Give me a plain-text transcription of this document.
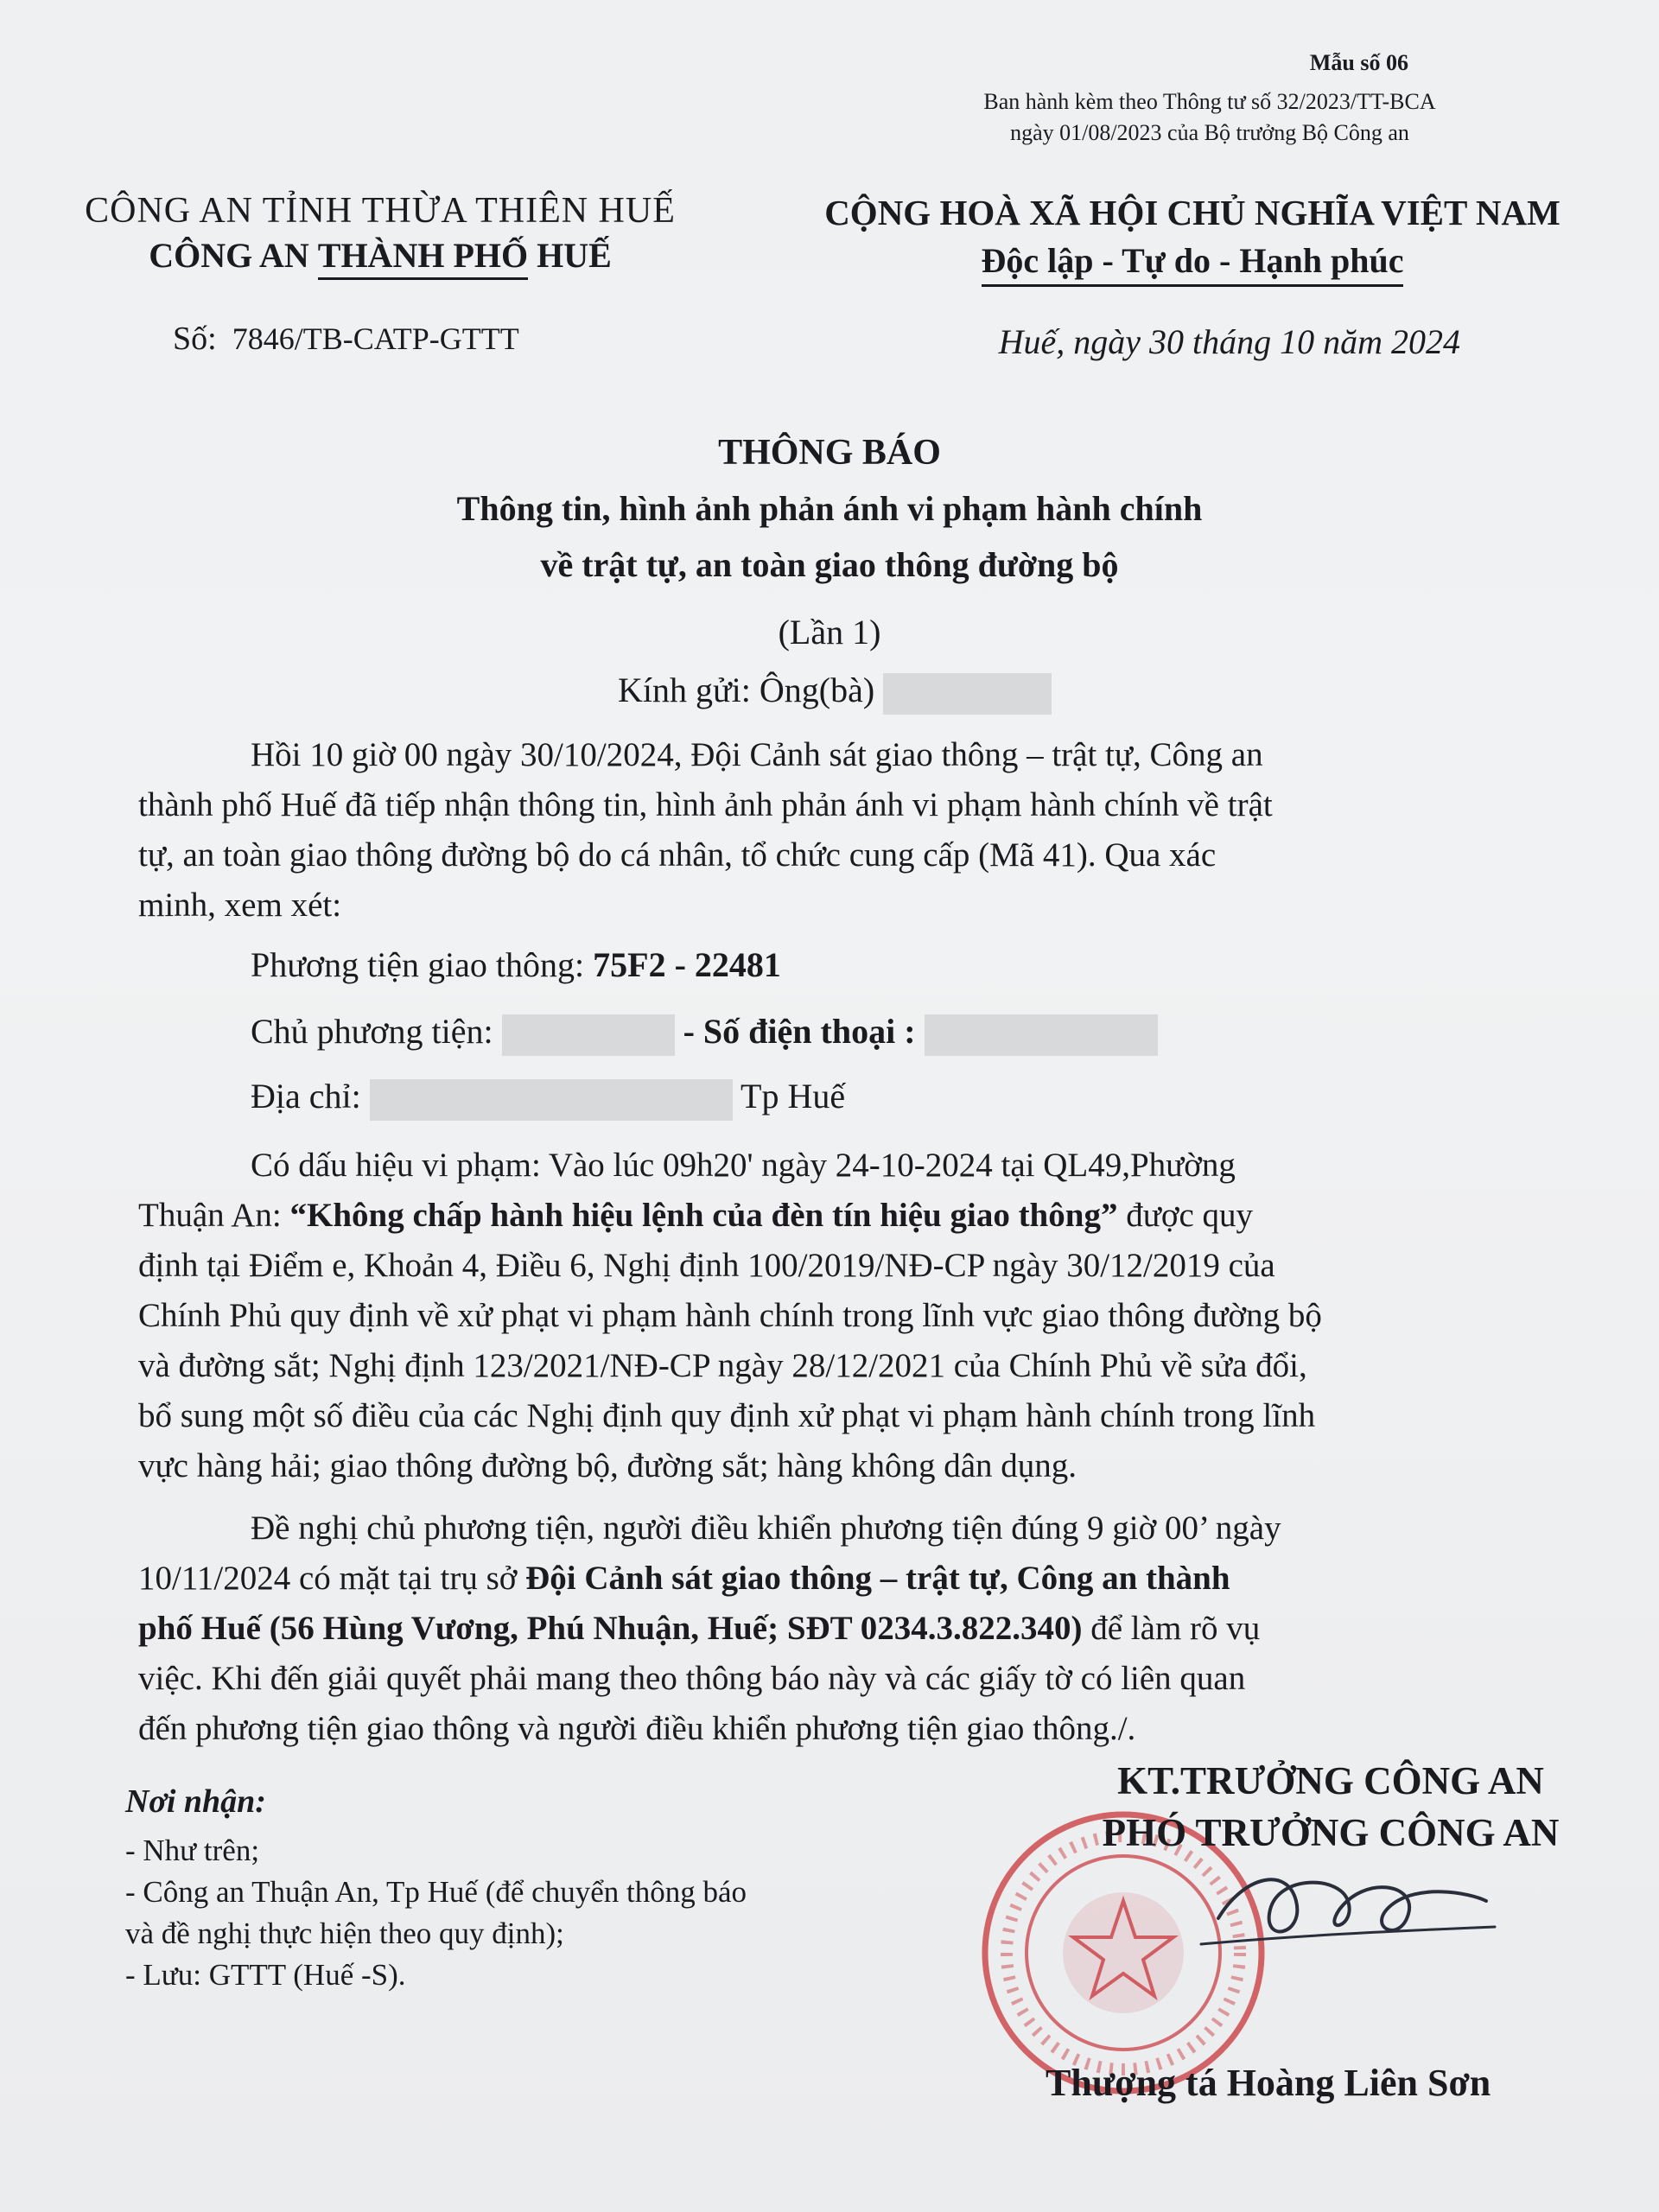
Mẫu số 06
Ban hành kèm theo Thông tư số 32/2023/TT-BCA
ngày 01/08/2023 của Bộ trưởng Bộ Công an
CÔNG AN TỈNH THỪA THIÊN HUẾ
CÔNG AN THÀNH PHỐ HUẾ
CỘNG HOÀ XÃ HỘI CHỦ NGHĨA VIỆT NAM
Độc lập - Tự do - Hạnh phúc
Số: 7846/TB-CATP-GTTT	Huế, ngày 30 tháng 10 năm 2024
THÔNG BÁO
Thông tin, hình ảnh phản ánh vi phạm hành chính
về trật tự, an toàn giao thông đường bộ
(Lần 1)
Kính gửi: Ông(bà)
Hồi 10 giờ 00 ngày 30/10/2024, Đội Cảnh sát giao thông – trật tự, Công an
thành phố Huế đã tiếp nhận thông tin, hình ảnh phản ánh vi phạm hành chính về trật
tự, an toàn giao thông đường bộ do cá nhân, tổ chức cung cấp (Mã 41). Qua xác
minh, xem xét:
Phương tiện giao thông: 75F2 - 22481
Chủ phương tiện:	- Số điện thoại :
Địa chỉ:	Tp Huế
Có dấu hiệu vi phạm: Vào lúc 09h20' ngày 24-10-2024 tại QL49,Phường
Thuận An: “Không chấp hành hiệu lệnh của đèn tín hiệu giao thông” được quy
định tại Điểm e, Khoản 4, Điều 6, Nghị định 100/2019/NĐ-CP ngày 30/12/2019 của
Chính Phủ quy định về xử phạt vi phạm hành chính trong lĩnh vực giao thông đường bộ
và đường sắt; Nghị định 123/2021/NĐ-CP ngày 28/12/2021 của Chính Phủ về sửa đổi,
bổ sung một số điều của các Nghị định quy định xử phạt vi phạm hành chính trong lĩnh
vực hàng hải; giao thông đường bộ, đường sắt; hàng không dân dụng.
Đề nghị chủ phương tiện, người điều khiển phương tiện đúng 9 giờ 00’ ngày
10/11/2024 có mặt tại trụ sở Đội Cảnh sát giao thông – trật tự, Công an thành
phố Huế (56 Hùng Vương, Phú Nhuận, Huế; SĐT 0234.3.822.340) để làm rõ vụ
việc. Khi đến giải quyết phải mang theo thông báo này và các giấy tờ có liên quan
đến phương tiện giao thông và người điều khiển phương tiện giao thông./.
Nơi nhận:
- Như trên;
- Công an Thuận An, Tp Huế (để chuyển thông báo
và đề nghị thực hiện theo quy định);
- Lưu: GTTT (Huế -S).
KT.TRƯỞNG CÔNG AN
PHÓ TRƯỞNG CÔNG AN
Thượng tá Hoàng Liên Sơn
